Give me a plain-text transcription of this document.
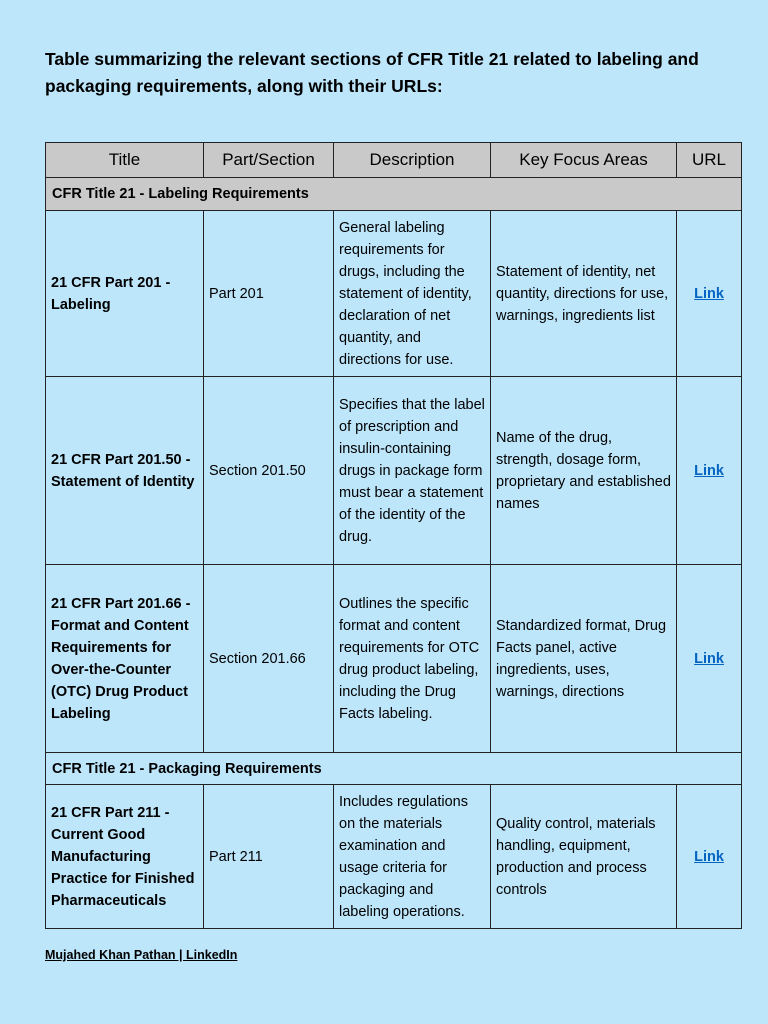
Table summarizing the relevant sections of CFR Title 21 related to labeling and packaging requirements, along with their URLs:

Title	Part/Section	Description	Key Focus Areas	URL
CFR Title 21 - Labeling Requirements				
21 CFR Part 201 - Labeling	Part 201	General labeling requirements for drugs, including the statement of identity, declaration of net quantity, and directions for use.	Statement of identity, net quantity, directions for use, warnings, ingredients list	Link
21 CFR Part 201.50 - Statement of Identity	Section 201.50	Specifies that the label of prescription and insulin-containing drugs in package form must bear a statement of the identity of the drug.	Name of the drug, strength, dosage form, proprietary and established names	Link
21 CFR Part 201.66 - Format and Content Requirements for Over-the-Counter (OTC) Drug Product Labeling	Section 201.66	Outlines the specific format and content requirements for OTC drug product labeling, including the Drug Facts labeling.	Standardized format, Drug Facts panel, active ingredients, uses, warnings, directions	Link
CFR Title 21 - Packaging Requirements				
21 CFR Part 211 - Current Good Manufacturing Practice for Finished Pharmaceuticals	Part 211	Includes regulations on the materials examination and usage criteria for packaging and labeling operations.	Quality control, materials handling, equipment, production and process controls	Link
Mujahed Khan Pathan | LinkedIn
